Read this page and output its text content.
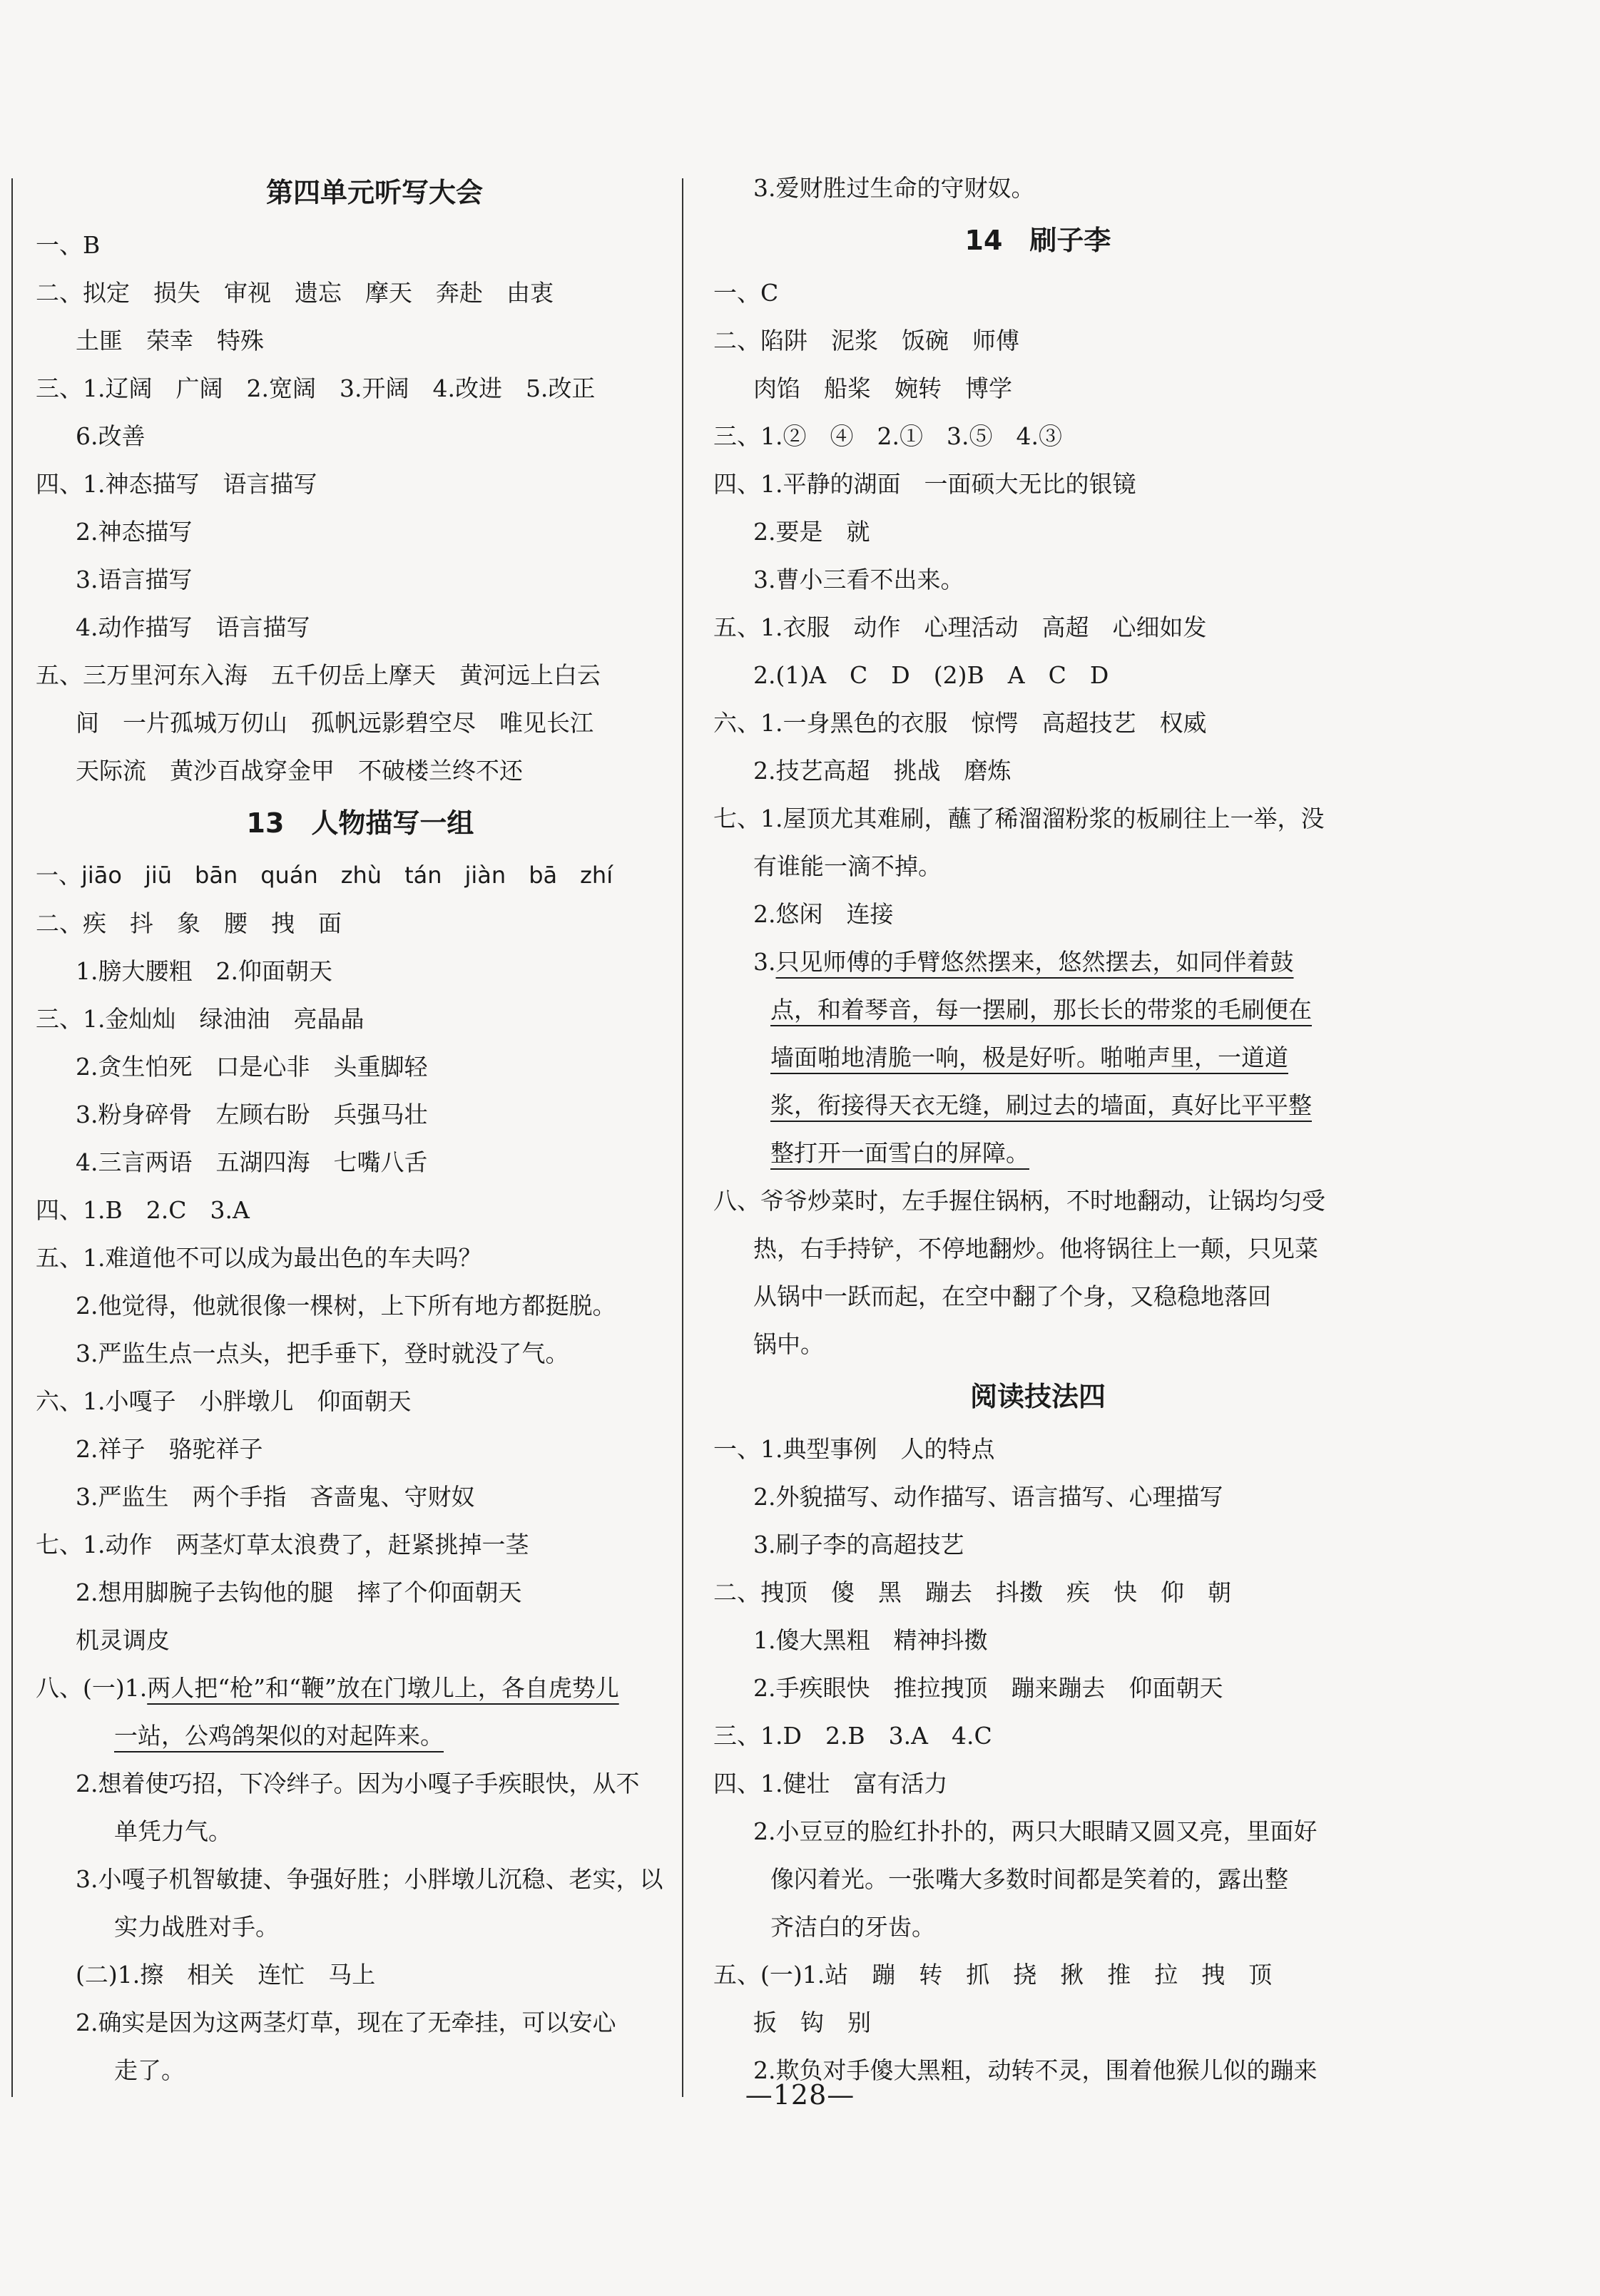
第四单元听写大会
一、B
二、拟定　损失　审视　遗忘　摩天　奔赴　由衷
土匪　荣幸　特殊
三、1.辽阔　广阔　2.宽阔　3.开阔　4.改进　5.改正
6.改善
四、1.神态描写　语言描写
2.神态描写
3.语言描写
4.动作描写　语言描写
五、三万里河东入海　五千仞岳上摩天　黄河远上白云
间　一片孤城万仞山　孤帆远影碧空尽　唯见长江
天际流　黄沙百战穿金甲　不破楼兰终不还
13　人物描写一组
一、jiāo　jiū　bān　quán　zhù　tán　jiàn　bā　zhí
二、疾　抖　象　腰　拽　面
1.膀大腰粗　2.仰面朝天
三、1.金灿灿　绿油油　亮晶晶
2.贪生怕死　口是心非　头重脚轻
3.粉身碎骨　左顾右盼　兵强马壮
4.三言两语　五湖四海　七嘴八舌
四、1.B　2.C　3.A
五、1.难道他不可以成为最出色的车夫吗？
2.他觉得，他就很像一棵树，上下所有地方都挺脱。
3.严监生点一点头，把手垂下，登时就没了气。
六、1.小嘎子　小胖墩儿　仰面朝天
2.祥子　骆驼祥子
3.严监生　两个手指　吝啬鬼、守财奴
七、1.动作　两茎灯草太浪费了，赶紧挑掉一茎
2.想用脚腕子去钩他的腿　摔了个仰面朝天
机灵调皮
八、(一)1.两人把“枪”和“鞭”放在门墩儿上，各自虎势儿
一站，公鸡鸽架似的对起阵来。
2.想着使巧招，下冷绊子。因为小嘎子手疾眼快，从不
单凭力气。
3.小嘎子机智敏捷、争强好胜；小胖墩儿沉稳、老实，以
实力战胜对手。
(二)1.擦　相关　连忙　马上
2.确实是因为这两茎灯草，现在了无牵挂，可以安心
走了。
3.爱财胜过生命的守财奴。
14　刷子李
一、C
二、陷阱　泥浆　饭碗　师傅
肉馅　船桨　婉转　博学
三、1.②　④　2.①　3.⑤　4.③
四、1.平静的湖面　一面硕大无比的银镜
2.要是　就
3.曹小三看不出来。
五、1.衣服　动作　心理活动　高超　心细如发
2.(1)A　C　D　(2)B　A　C　D
六、1.一身黑色的衣服　惊愕　高超技艺　权威
2.技艺高超　挑战　磨炼
七、1.屋顶尤其难刷，蘸了稀溜溜粉浆的板刷往上一举，没
有谁能一滴不掉。
2.悠闲　连接
3.只见师傅的手臂悠然摆来，悠然摆去，如同伴着鼓
点，和着琴音，每一摆刷，那长长的带浆的毛刷便在
墙面啪地清脆一响，极是好听。啪啪声里，一道道
浆，衔接得天衣无缝，刷过去的墙面，真好比平平整
整打开一面雪白的屏障。
八、爷爷炒菜时，左手握住锅柄，不时地翻动，让锅均匀受
热，右手持铲，不停地翻炒。他将锅往上一颠，只见菜
从锅中一跃而起，在空中翻了个身，又稳稳地落回
锅中。
阅读技法四
一、1.典型事例　人的特点
2.外貌描写、动作描写、语言描写、心理描写
3.刷子李的高超技艺
二、拽顶　傻　黑　蹦去　抖擞　疾　快　仰　朝
1.傻大黑粗　精神抖擞
2.手疾眼快　推拉拽顶　蹦来蹦去　仰面朝天
三、1.D　2.B　3.A　4.C
四、1.健壮　富有活力
2.小豆豆的脸红扑扑的，两只大眼睛又圆又亮，里面好
像闪着光。一张嘴大多数时间都是笑着的，露出整
齐洁白的牙齿。
五、(一)1.站　蹦　转　抓　挠　揪　推　拉　拽　顶
扳　钩　别
2.欺负对手傻大黑粗，动转不灵，围着他猴儿似的蹦来
—128—
